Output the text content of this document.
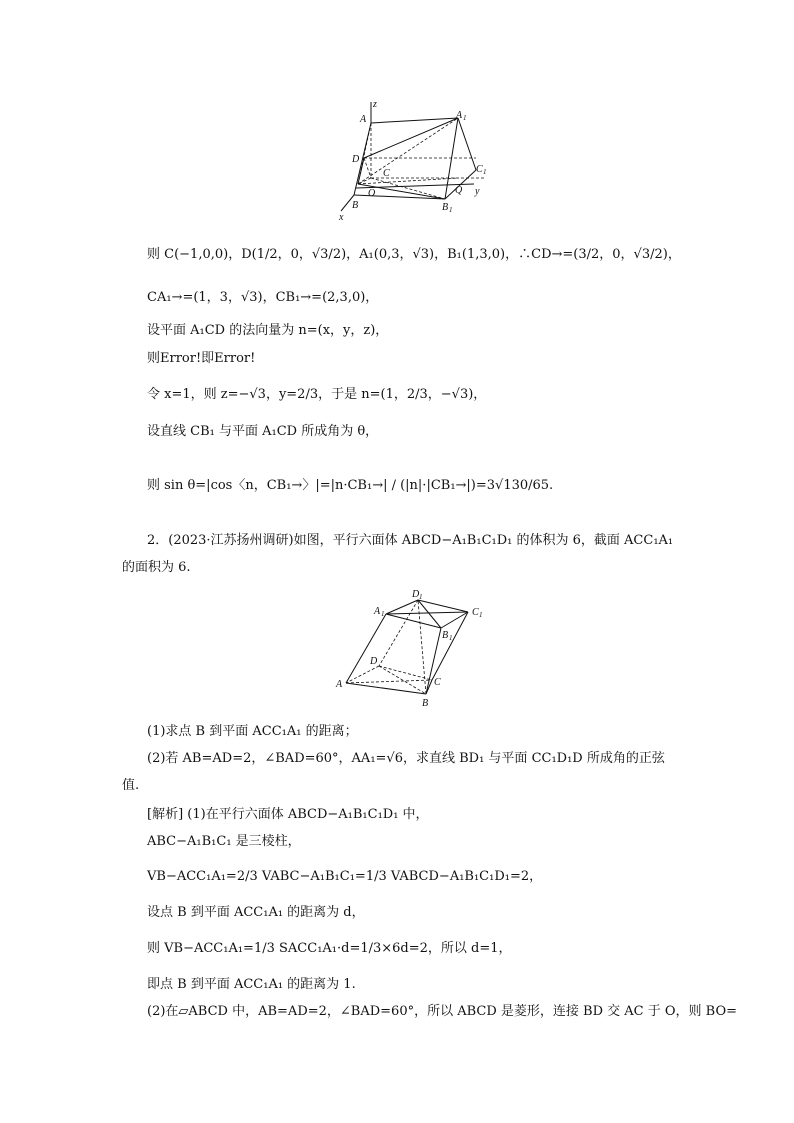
z
A	A 1
D
C	C 1
O	Q y
B
x
B 1
则 C(−1,0,0)，D(1/2，0，√3/2)，A₁(0,3，√3)，B₁(1,3,0)，∴CD→=(3/2，0，√3/2)，
CA₁→=(1，3，√3)，CB₁→=(2,3,0)，
设平面 A₁CD 的法向量为 n=(x，y，z)，
则Error!即Error!
令 x=1，则 z=−√3，y=2/3，于是 n=(1，2/3，−√3)，
设直线 CB₁ 与平面 A₁CD 所成角为 θ，
则 sin θ=|cos〈n，CB₁→〉|=|n·CB₁→| / (|n|·|CB₁→|)=3√130/65.
2．(2023·江苏扬州调研)如图，平行六面体 ABCD−A₁B₁C₁D₁ 的体积为 6，截面 ACC₁A₁
的面积为 6.
A 1
D 1
C 1
B 1
D
A	C
B
(1)求点 B 到平面 ACC₁A₁ 的距离；
(2)若 AB=AD=2，∠BAD=60°，AA₁=√6，求直线 BD₁ 与平面 CC₁D₁D 所成角的正弦
值.
[解析] (1)在平行六面体 ABCD−A₁B₁C₁D₁ 中，
ABC−A₁B₁C₁ 是三棱柱，
VB−ACC₁A₁=2/3 VABC−A₁B₁C₁=1/3 VABCD−A₁B₁C₁D₁=2，
设点 B 到平面 ACC₁A₁ 的距离为 d，
则 VB−ACC₁A₁=1/3 SACC₁A₁·d=1/3×6d=2，所以 d=1，
即点 B 到平面 ACC₁A₁ 的距离为 1.
(2)在▱ABCD 中，AB=AD=2，∠BAD=60°，所以 ABCD 是菱形，连接 BD 交 AC 于 O，则 BO=
